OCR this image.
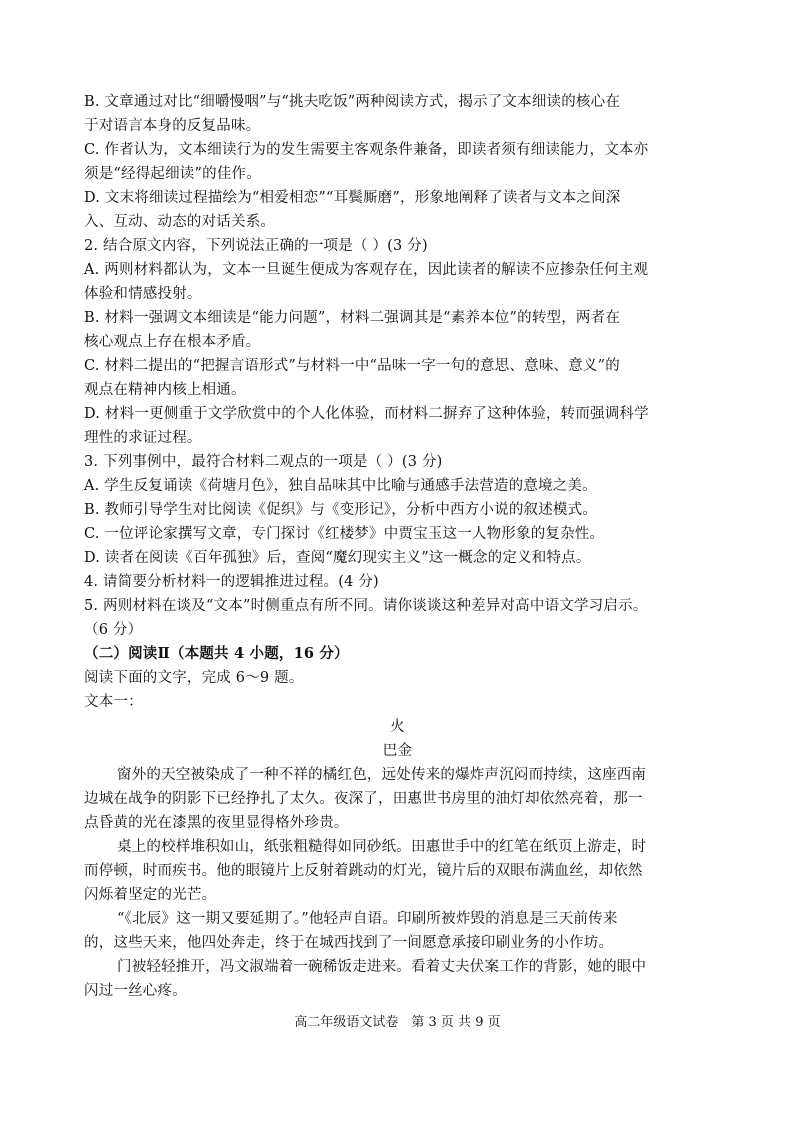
B. 文章通过对比“细嚼慢咽”与“挑夫吃饭”两种阅读方式，揭示了文本细读的核心在
于对语言本身的反复品味。
C. 作者认为，文本细读行为的发生需要主客观条件兼备，即读者须有细读能力，文本亦
须是“经得起细读”的佳作。
D. 文末将细读过程描绘为“相爱相恋”“耳鬓厮磨”，形象地阐释了读者与文本之间深
入、互动、动态的对话关系。
2. 结合原文内容，下列说法正确的一项是（ ）(3 分)
A. 两则材料都认为，文本一旦诞生便成为客观存在，因此读者的解读不应掺杂任何主观
体验和情感投射。
B. 材料一强调文本细读是“能力问题”，材料二强调其是“素养本位”的转型，两者在
核心观点上存在根本矛盾。
C. 材料二提出的“把握言语形式”与材料一中“品味一字一句的意思、意味、意义”的
观点在精神内核上相通。
D. 材料一更侧重于文学欣赏中的个人化体验，而材料二摒弃了这种体验，转而强调科学
理性的求证过程。
3. 下列事例中，最符合材料二观点的一项是（ ）(3 分)
A. 学生反复诵读《荷塘月色》，独自品味其中比喻与通感手法营造的意境之美。
B. 教师引导学生对比阅读《促织》与《变形记》，分析中西方小说的叙述模式。
C. 一位评论家撰写文章，专门探讨《红楼梦》中贾宝玉这一人物形象的复杂性。
D. 读者在阅读《百年孤独》后，查阅“魔幻现实主义”这一概念的定义和特点。
4. 请简要分析材料一的逻辑推进过程。(4 分)
5. 两则材料在谈及“文本”时侧重点有所不同。请你谈谈这种差异对高中语文学习启示。
（6 分）
（二）阅读Ⅱ（本题共 4 小题，16 分）
阅读下面的文字，完成 6～9 题。
文本一：
火
巴金
窗外的天空被染成了一种不祥的橘红色，远处传来的爆炸声沉闷而持续，这座西南
边城在战争的阴影下已经挣扎了太久。夜深了，田惠世书房里的油灯却依然亮着，那一
点昏黄的光在漆黑的夜里显得格外珍贵。
桌上的校样堆积如山，纸张粗糙得如同砂纸。田惠世手中的红笔在纸页上游走，时
而停顿，时而疾书。他的眼镜片上反射着跳动的灯光，镜片后的双眼布满血丝，却依然
闪烁着坚定的光芒。
“《北辰》这一期又要延期了。”他轻声自语。印刷所被炸毁的消息是三天前传来
的，这些天来，他四处奔走，终于在城西找到了一间愿意承接印刷业务的小作坊。
门被轻轻推开，冯文淑端着一碗稀饭走进来。看着丈夫伏案工作的背影，她的眼中
闪过一丝心疼。
高二年级语文试卷　第 3 页 共 9 页
